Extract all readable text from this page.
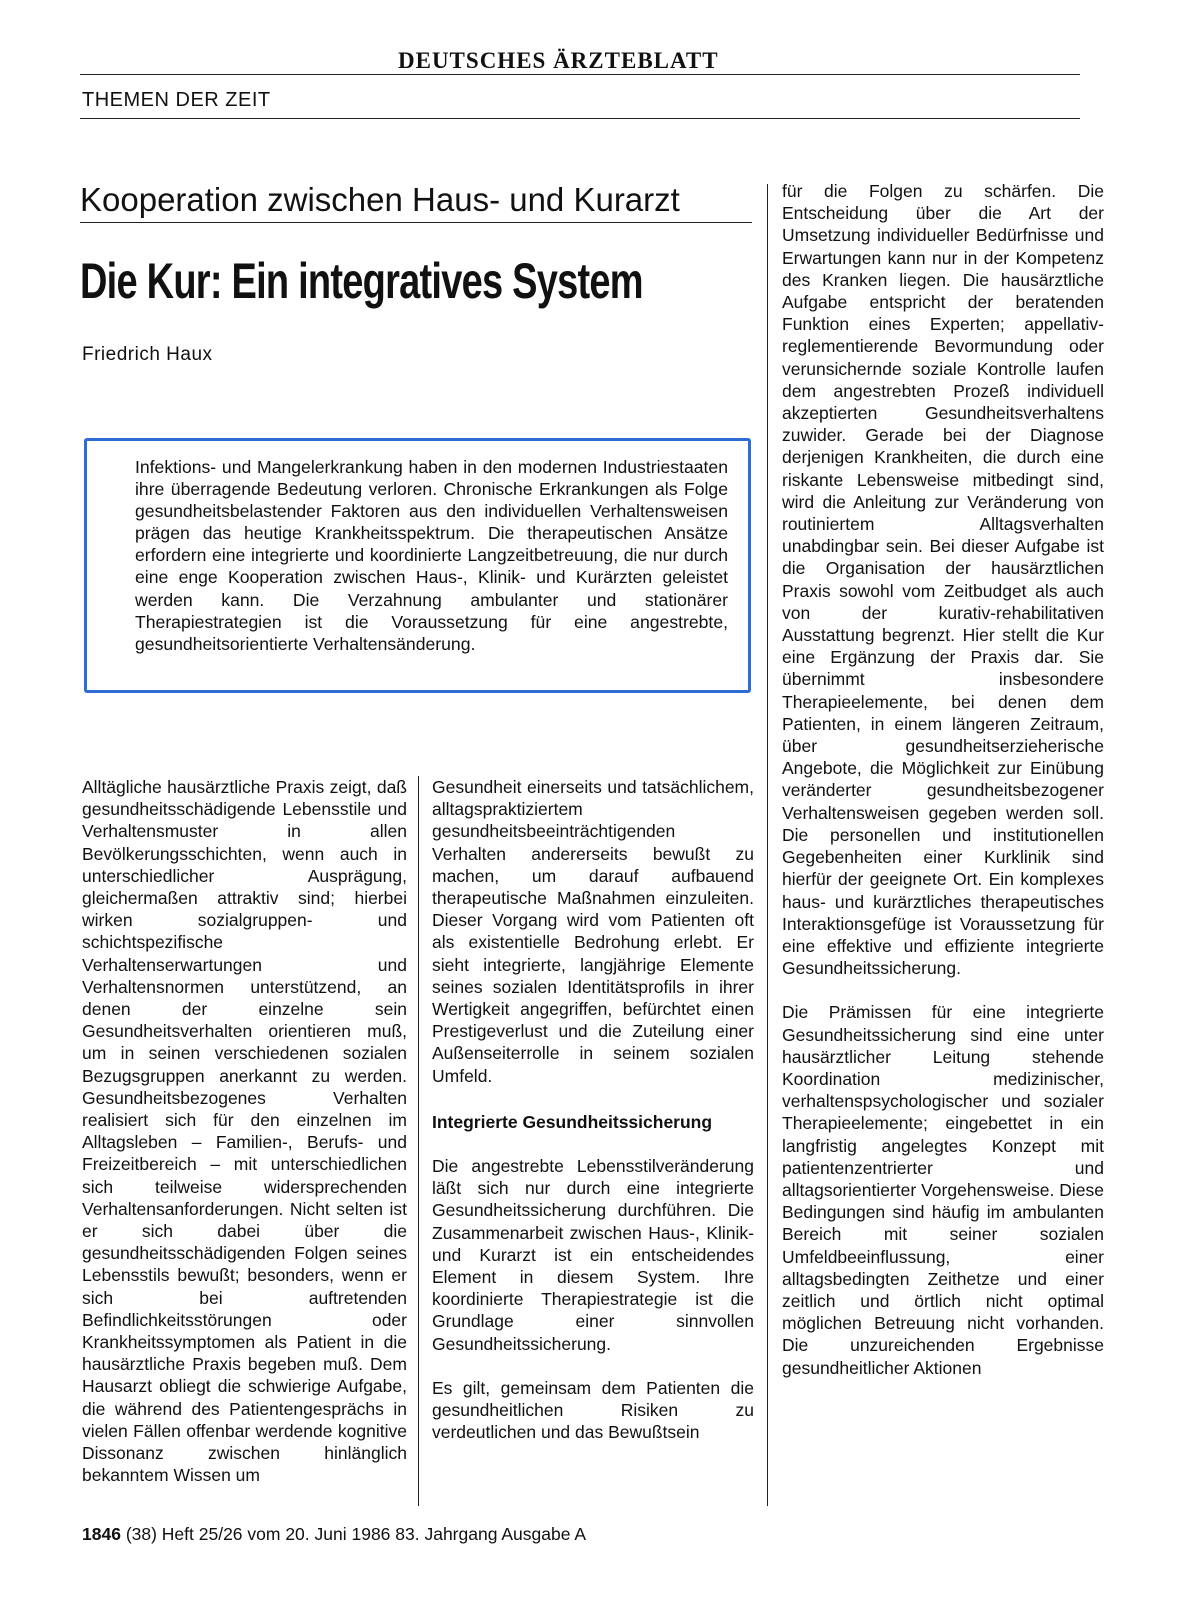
DEUTSCHES ÄRZTEBLATT
THEMEN DER ZEIT
Kooperation zwischen Haus- und Kurarzt
Die Kur: Ein integratives System
Friedrich Haux

Infektions- und Mangelerkrankung haben in den modernen Industriestaaten ihre überragende Bedeutung verloren. Chronische Erkrankungen als Folge gesundheitsbelastender Faktoren aus den individuellen Verhaltensweisen prägen das heutige Krankheitsspektrum. Die therapeutischen Ansätze erfordern eine integrierte und koordinierte Langzeitbetreuung, die nur durch eine enge Kooperation zwischen Haus-, Klinik- und Kurärzten geleistet werden kann. Die Verzahnung ambulanter und stationärer Therapiestrategien ist die Voraussetzung für eine angestrebte, gesundheitsorientierte Verhaltensänderung.

Alltägliche hausärztliche Praxis zeigt, daß gesundheitsschädigende Lebensstile und Verhaltensmuster in allen Bevölkerungsschichten, wenn auch in unterschiedlicher Ausprägung, gleichermaßen attraktiv sind; hierbei wirken sozialgruppen- und schichtspezifische Verhaltenserwartungen und Verhaltensnormen unterstützend, an denen der einzelne sein Gesundheitsverhalten orientieren muß, um in seinen verschiedenen sozialen Bezugsgruppen anerkannt zu werden. Gesundheitsbezogenes Verhalten realisiert sich für den einzelnen im Alltagsleben – Familien-, Berufs- und Freizeitbereich – mit unterschiedlichen sich teilweise widersprechenden Verhaltensanforderungen. Nicht selten ist er sich dabei über die gesundheitsschädigenden Folgen seines Lebensstils bewußt; besonders, wenn er sich bei auftretenden Befindlichkeitsstörungen oder Krankheitssymptomen als Patient in die hausärztliche Praxis begeben muß. Dem Hausarzt obliegt die schwierige Aufgabe, die während des Patientengesprächs in vielen Fällen offenbar werdende kognitive Dissonanz zwischen hinlänglich bekanntem Wissen um

Gesundheit einerseits und tatsächlichem, alltagspraktiziertem gesundheitsbeeinträchtigenden Verhalten andererseits bewußt zu machen, um darauf aufbauend therapeutische Maßnahmen einzuleiten. Dieser Vorgang wird vom Patienten oft als existentielle Bedrohung erlebt. Er sieht integrierte, langjährige Elemente seines sozialen Identitätsprofils in ihrer Wertigkeit angegriffen, befürchtet einen Prestigeverlust und die Zuteilung einer Außenseiterrolle in seinem sozialen Umfeld.

Integrierte Gesundheitssicherung

Die angestrebte Lebensstilveränderung läßt sich nur durch eine integrierte Gesundheitssicherung durchführen. Die Zusammenarbeit zwischen Haus-, Klinik- und Kurarzt ist ein entscheidendes Element in diesem System. Ihre koordinierte Therapiestrategie ist die Grundlage einer sinnvollen Gesundheitssicherung.

Es gilt, gemeinsam dem Patienten die gesundheitlichen Risiken zu verdeutlichen und das Bewußtsein

für die Folgen zu schärfen. Die Entscheidung über die Art der Umsetzung individueller Bedürfnisse und Erwartungen kann nur in der Kompetenz des Kranken liegen. Die hausärztliche Aufgabe entspricht der beratenden Funktion eines Experten; appellativ-reglementierende Bevormundung oder verunsichernde soziale Kontrolle laufen dem angestrebten Prozeß individuell akzeptierten Gesundheitsverhaltens zuwider. Gerade bei der Diagnose derjenigen Krankheiten, die durch eine riskante Lebensweise mitbedingt sind, wird die Anleitung zur Veränderung von routiniertem Alltagsverhalten unabdingbar sein. Bei dieser Aufgabe ist die Organisation der hausärztlichen Praxis sowohl vom Zeitbudget als auch von der kurativ-rehabilitativen Ausstattung begrenzt. Hier stellt die Kur eine Ergänzung der Praxis dar. Sie übernimmt insbesondere Therapieelemente, bei denen dem Patienten, in einem längeren Zeitraum, über gesundheitserzieherische Angebote, die Möglichkeit zur Einübung veränderter gesundheitsbezogener Verhaltensweisen gegeben werden soll. Die personellen und institutionellen Gegebenheiten einer Kurklinik sind hierfür der geeignete Ort. Ein komplexes haus- und kurärztliches therapeutisches Interaktionsgefüge ist Voraussetzung für eine effektive und effiziente integrierte Gesundheitssicherung.

Die Prämissen für eine integrierte Gesundheitssicherung sind eine unter hausärztlicher Leitung stehende Koordination medizinischer, verhaltenspsychologischer und sozialer Therapieelemente; eingebettet in ein langfristig angelegtes Konzept mit patientenzentrierter und alltagsorientierter Vorgehensweise. Diese Bedingungen sind häufig im ambulanten Bereich mit seiner sozialen Umfeldbeeinflussung, einer alltagsbedingten Zeithetze und einer zeitlich und örtlich nicht optimal möglichen Betreuung nicht vorhanden. Die unzureichenden Ergebnisse gesundheitlicher Aktionen

1846 (38) Heft 25/26 vom 20. Juni 1986 83. Jahrgang Ausgabe A
